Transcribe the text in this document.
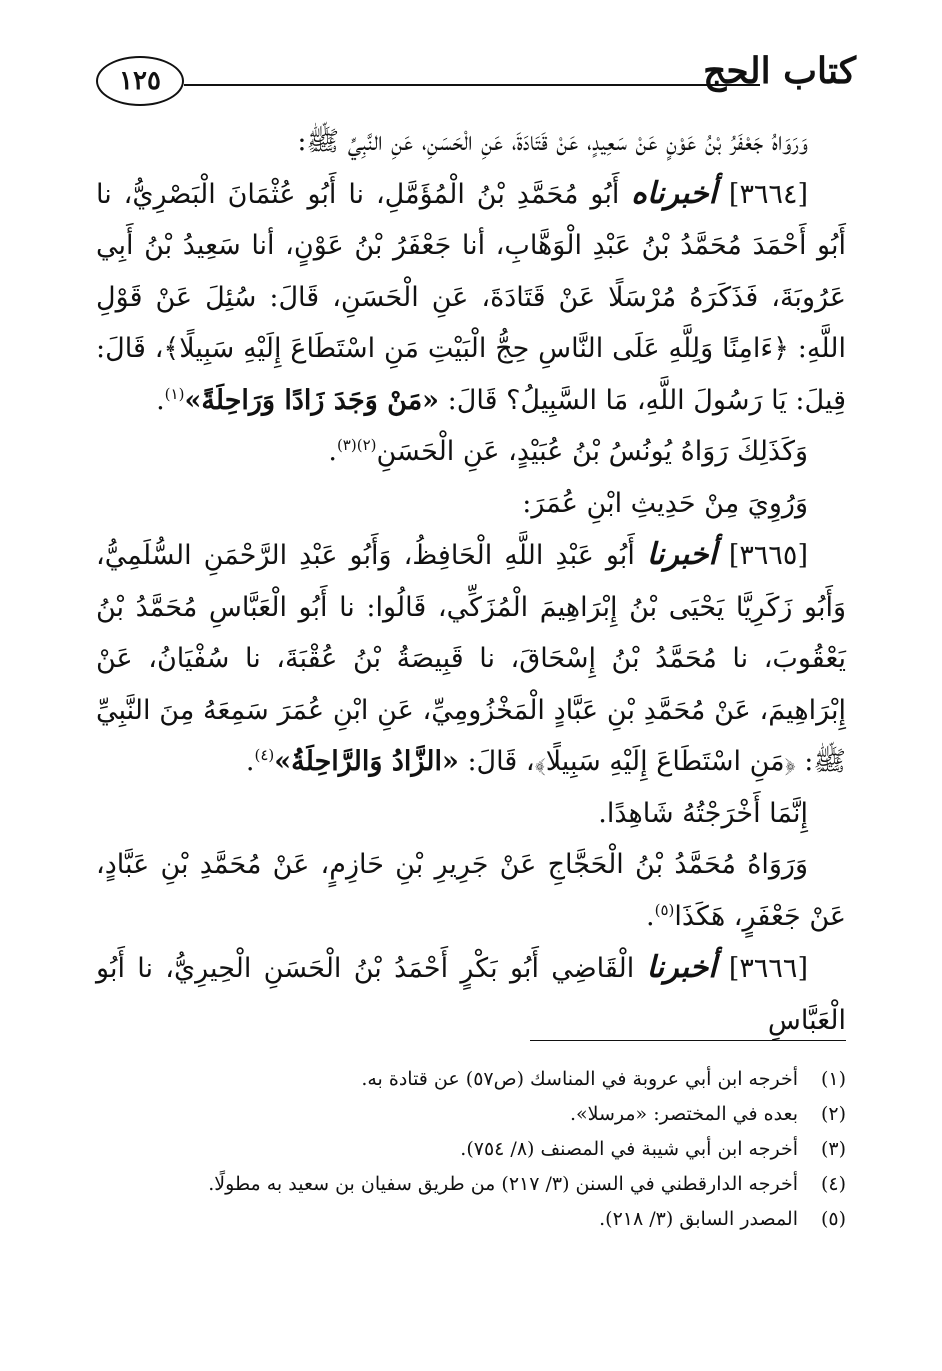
١٢٥	كتاب الحج

وَرَوَاهُ جَعْفَرُ بْنُ عَوْنٍ عَنْ سَعِيدٍ، عَنْ قَتَادَةَ، عَنِ الْحَسَنِ، عَنِ النَّبِيِّ ﷺ:

[٣٦٦٤] أخبرناه أَبُو مُحَمَّدِ بْنُ الْمُؤَمَّلِ، نا أَبُو عُثْمَانَ الْبَصْرِيُّ، نا أَبُو أَحْمَدَ مُحَمَّدُ بْنُ عَبْدِ الْوَهَّابِ، أنا جَعْفَرُ بْنُ عَوْنٍ، أنا سَعِيدُ بْنُ أَبِي عَرُوبَةَ، فَذَكَرَهُ مُرْسَلًا عَنْ قَتَادَةَ، عَنِ الْحَسَنِ، قَالَ: سُئِلَ عَنْ قَوْلِ اللَّهِ: ﴿ءَامِنًا وَلِلَّهِ عَلَى النَّاسِ حِجُّ الْبَيْتِ مَنِ اسْتَطَاعَ إِلَيْهِ سَبِيلًا﴾، قَالَ: قِيلَ: يَا رَسُولَ اللَّهِ، مَا السَّبِيلُ؟ قَالَ: «مَنْ وَجَدَ زَادًا وَرَاحِلَةً»$^{(١)}$.

وَكَذَلِكَ رَوَاهُ يُونُسُ بْنُ عُبَيْدٍ، عَنِ الْحَسَنِ$^{(٢)(٣)}$.

وَرُوِيَ مِنْ حَدِيثِ ابْنِ عُمَرَ:

[٣٦٦٥] أخبرنا أَبُو عَبْدِ اللَّهِ الْحَافِظُ، وَأَبُو عَبْدِ الرَّحْمَنِ السُّلَمِيُّ، وَأَبُو زَكَرِيَّا يَحْيَى بْنُ إِبْرَاهِيمَ الْمُزَكِّي، قَالُوا: نا أَبُو الْعَبَّاسِ مُحَمَّدُ بْنُ يَعْقُوبَ، نا مُحَمَّدُ بْنُ إِسْحَاقَ، نا قَبِيصَةُ بْنُ عُقْبَةَ، نا سُفْيَانُ، عَنْ إِبْرَاهِيمَ، عَنْ مُحَمَّدِ بْنِ عَبَّادٍ الْمَخْزُومِيِّ، عَنِ ابْنِ عُمَرَ سَمِعَهُ مِنَ النَّبِيِّ ﷺ: ﴿مَنِ اسْتَطَاعَ إِلَيْهِ سَبِيلًا﴾، قَالَ: «الزَّادُ وَالرَّاحِلَةُ»$^{(٤)}$.

إِنَّمَا أَخْرَجْتُهُ شَاهِدًا.

وَرَوَاهُ مُحَمَّدُ بْنُ الْحَجَّاجِ عَنْ جَرِيرِ بْنِ حَازِمٍ، عَنْ مُحَمَّدِ بْنِ عَبَّادٍ، عَنْ جَعْفَرٍ، هَكَذَا$^{(٥)}$.

[٣٦٦٦] أخبرنا الْقَاضِي أَبُو بَكْرٍ أَحْمَدُ بْنُ الْحَسَنِ الْحِيرِيُّ، نا أَبُو الْعَبَّاسِ

(١)أخرجه ابن أبي عروبة في المناسك (ص٥٧) عن قتادة به.

(٢)بعده في المختصر: «مرسلا».

(٣)أخرجه ابن أبي شيبة في المصنف (٨/ ٧٥٤).

(٤)أخرجه الدارقطني في السنن (٣/ ٢١٧) من طريق سفيان بن سعيد به مطولًا.

(٥)المصدر السابق (٣/ ٢١٨).
